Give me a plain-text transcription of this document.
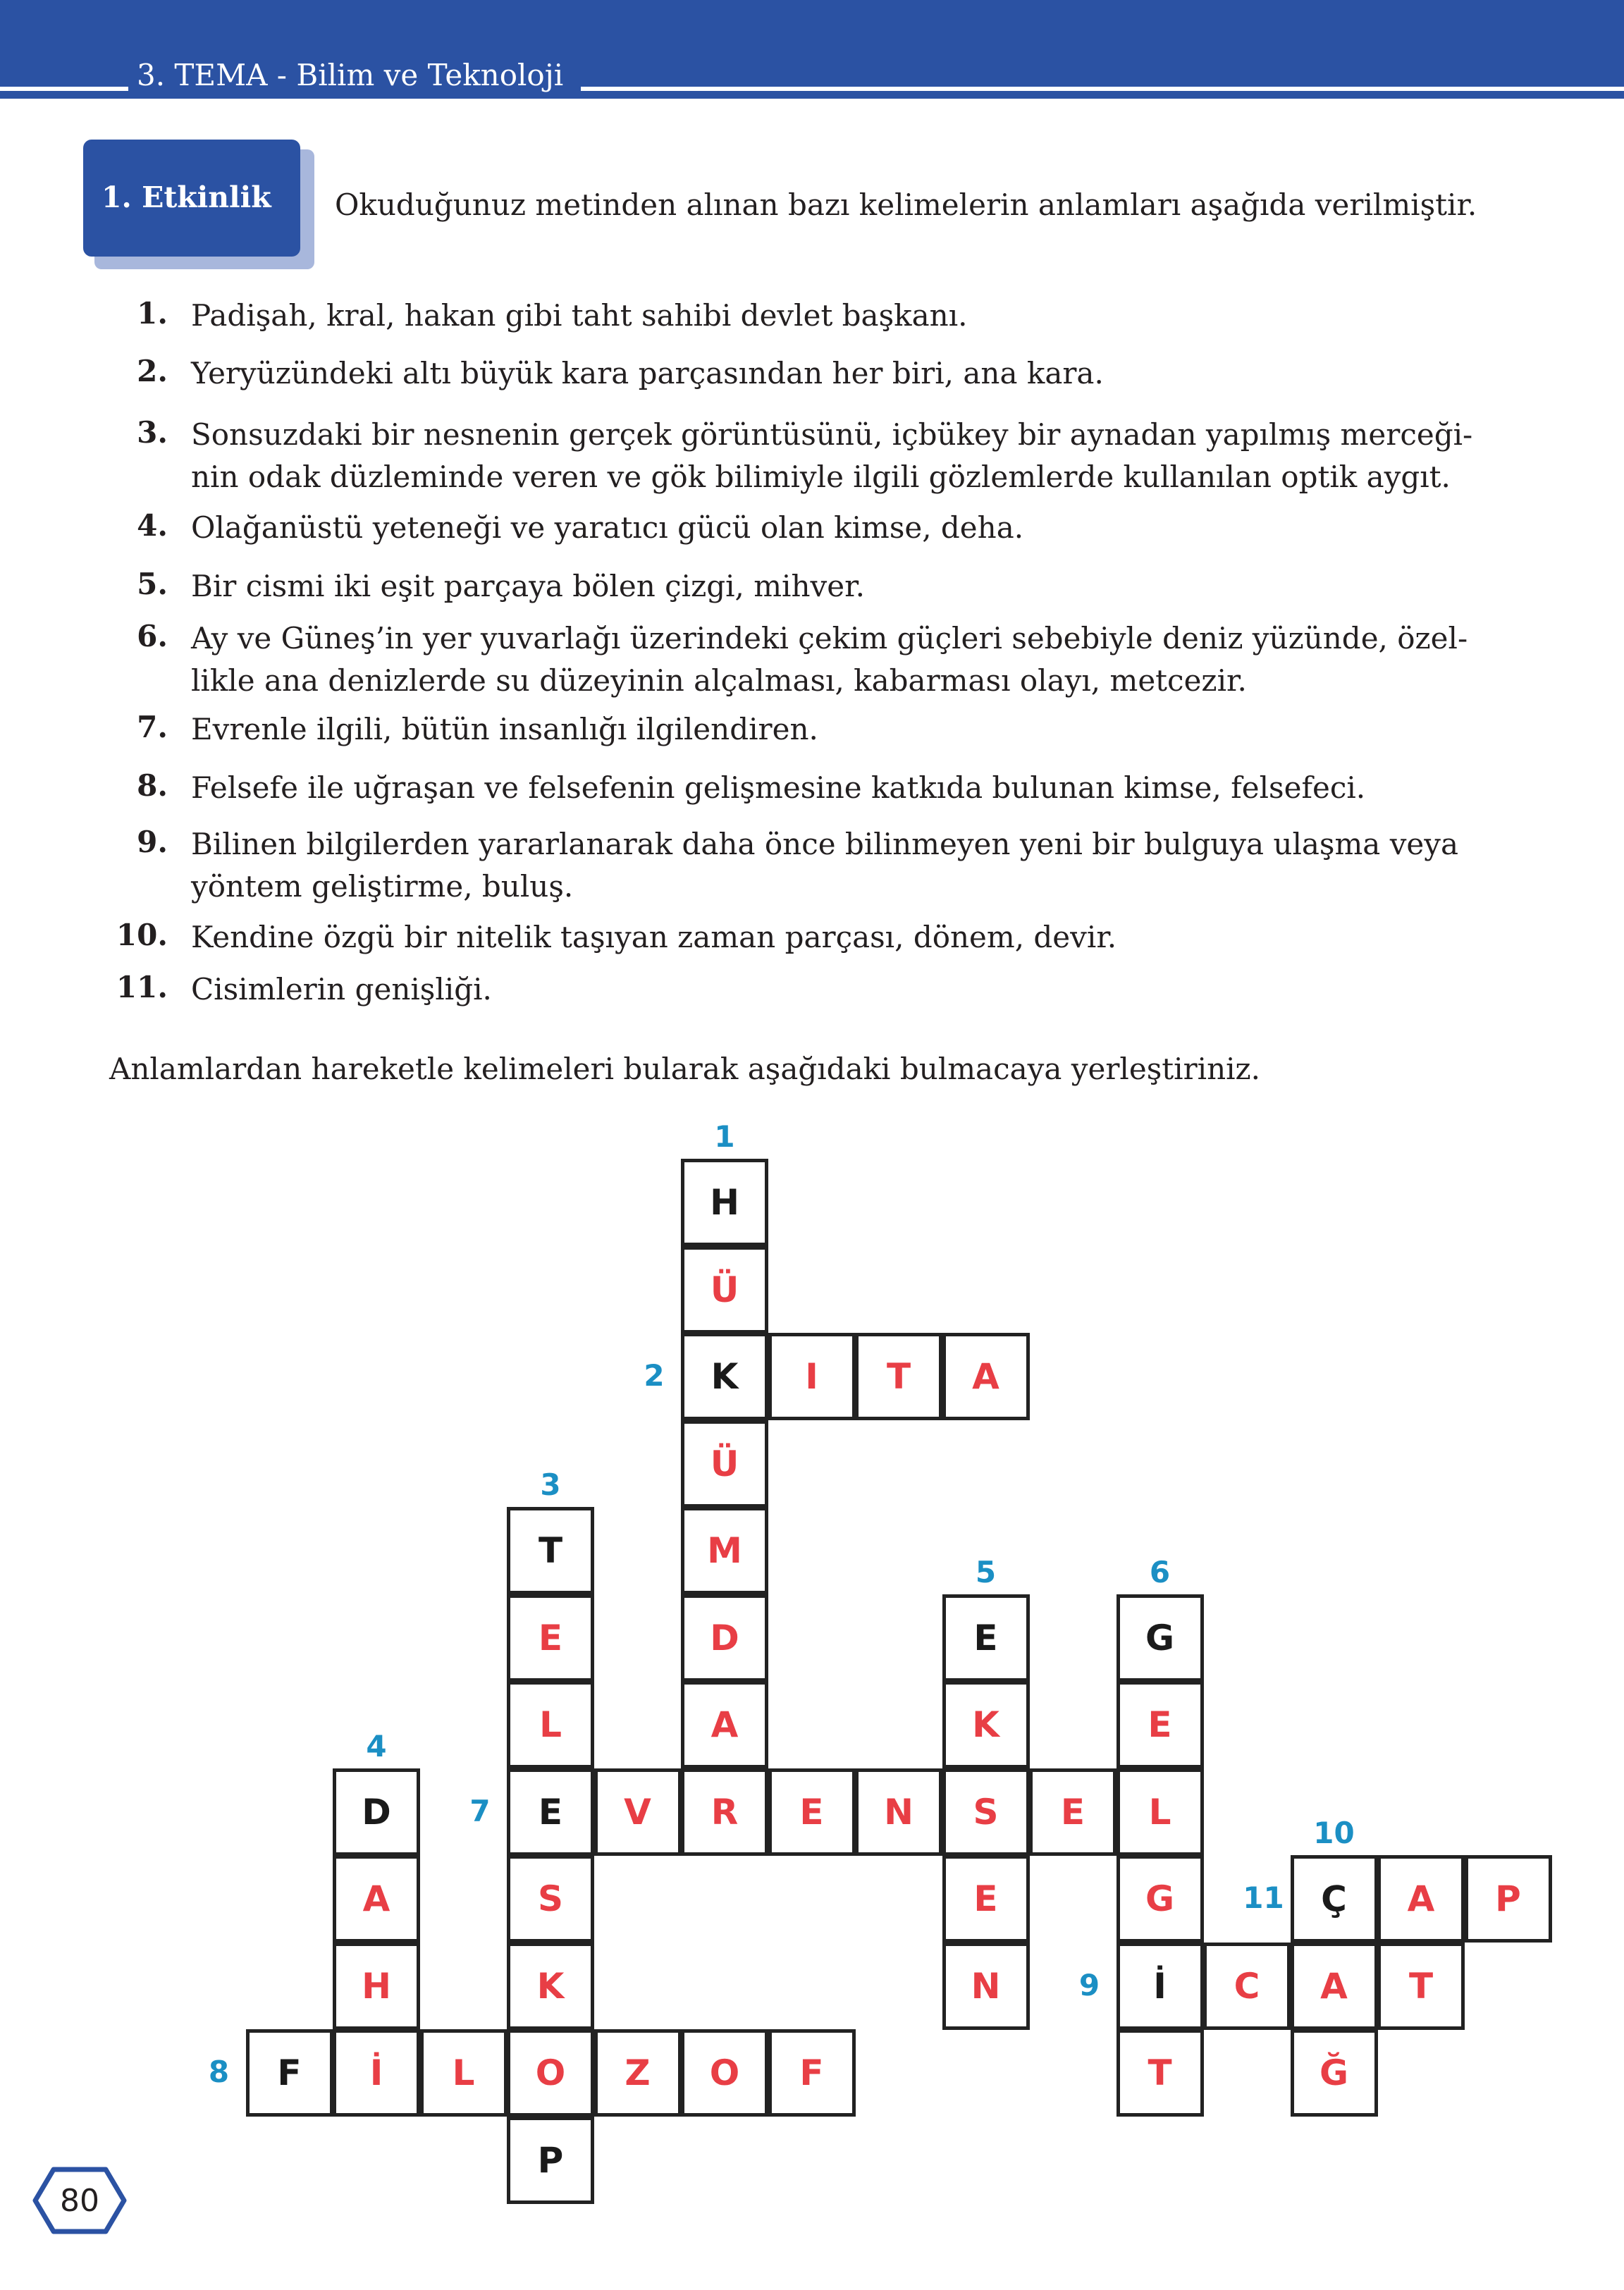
3. TEMA - Bilim ve Teknoloji
1. Etkinlik	Okuduğunuz metinden alınan bazı kelimelerin anlamları aşağıda verilmiştir.
1. Padişah, kral, hakan gibi taht sahibi devlet başkanı.
2. Yeryüzündeki altı büyük kara parçasından her biri, ana kara.
3. Sonsuzdaki bir nesnenin gerçek görüntüsünü, içbükey bir aynadan yapılmış merceği-
nin odak düzleminde veren ve gök bilimiyle ilgili gözlemlerde kullanılan optik aygıt.
4. Olağanüstü yeteneği ve yaratıcı gücü olan kimse, deha.
5. Bir cismi iki eşit parçaya bölen çizgi, mihver.
6. Ay ve Güneş’in yer yuvarlağı üzerindeki çekim güçleri sebebiyle deniz yüzünde, özel-
likle ana denizlerde su düzeyinin alçalması, kabarması olayı, metcezir.
7. Evrenle ilgili, bütün insanlığı ilgilendiren.
8. Felsefe ile uğraşan ve felsefenin gelişmesine katkıda bulunan kimse, felsefeci.
9. Bilinen bilgilerden yararlanarak daha önce bilinmeyen yeni bir bulguya ulaşma veya
yöntem geliştirme, buluş.
10. Kendine özgü bir nitelik taşıyan zaman parçası, dönem, devir.
11. Cisimlerin genişliği.
Anlamlardan hareketle kelimeleri bularak aşağıdaki bulmacaya yerleştiriniz.
H
Ü
K	I	T	A
Ü
T	M
E	D	E	G
L	A	K	E
D	E	V	R	E	N	S	E	L
A	S	E	G	Ç	A	P
H	K	N	İ	C	A	T
F	İ	L	O	Z	O	F	T	Ğ
P
1
2
3
4
5	6
7
8
9
10
11
80
